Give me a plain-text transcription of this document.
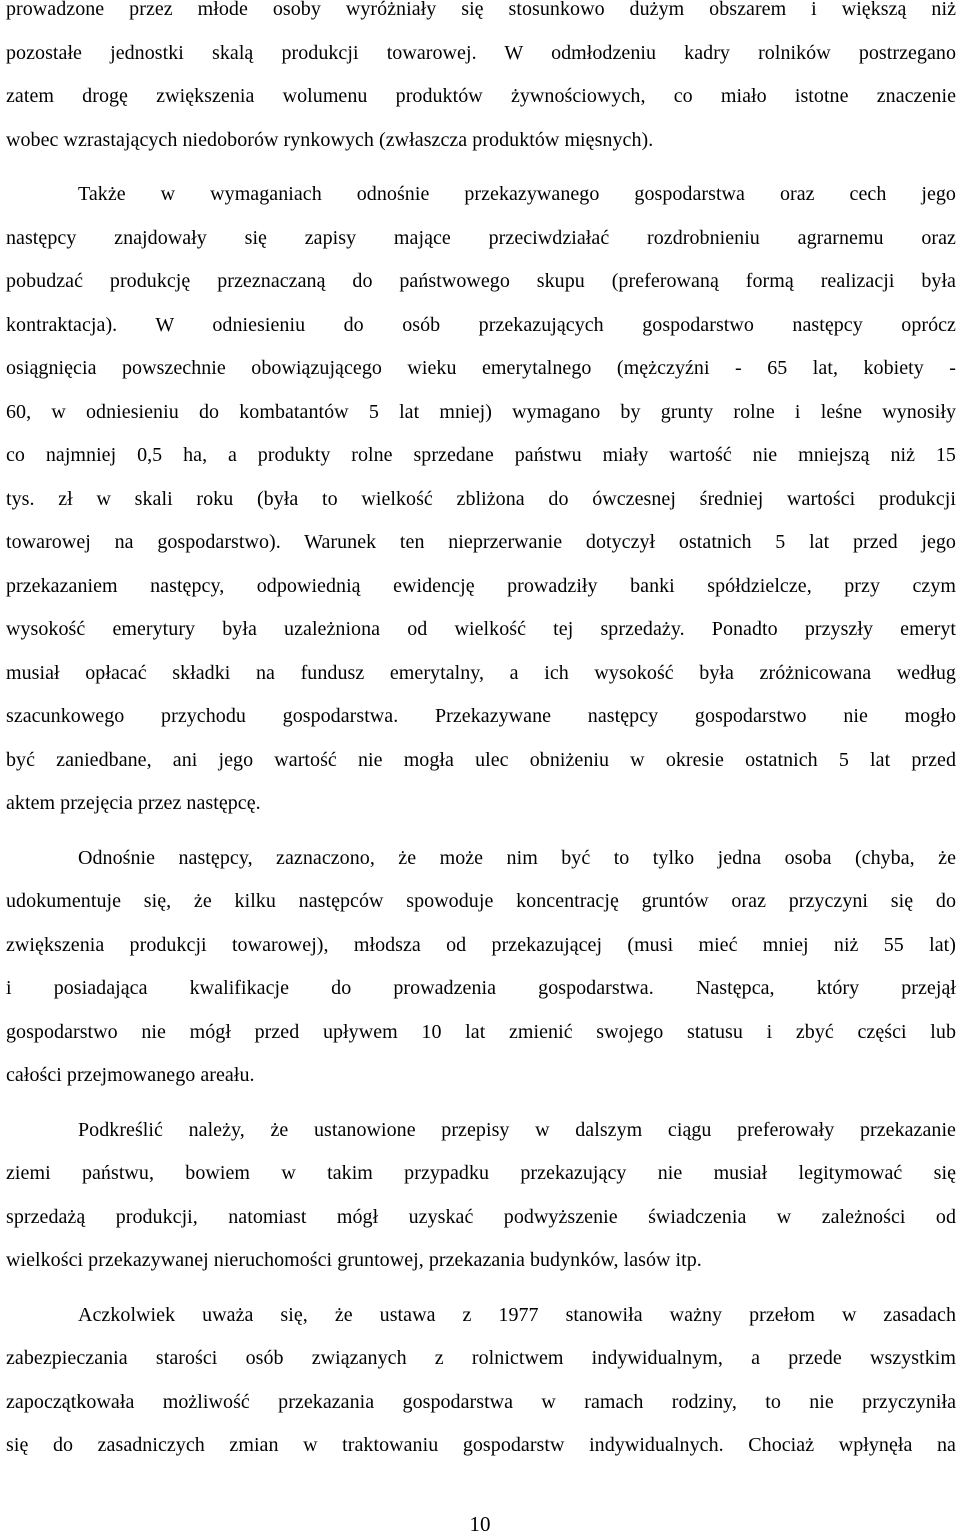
prowadzone przez młode osoby wyróżniały się stosunkowo dużym obszarem i większą niż
pozostałe jednostki skalą produkcji towarowej. W odmłodzeniu kadry rolników postrzegano
zatem drogę zwiększenia wolumenu produktów żywnościowych, co miało istotne znaczenie
wobec wzrastających niedoborów rynkowych (zwłaszcza produktów mięsnych).

Także w wymaganiach odnośnie przekazywanego gospodarstwa oraz cech jego
następcy znajdowały się zapisy mające przeciwdziałać rozdrobnieniu agrarnemu oraz
pobudzać produkcję przeznaczaną do państwowego skupu (preferowaną formą realizacji była
kontraktacja). W odniesieniu do osób przekazujących gospodarstwo następcy oprócz
osiągnięcia powszechnie obowiązującego wieku emerytalnego (mężczyźni - 65 lat, kobiety -
60, w odniesieniu do kombatantów 5 lat mniej) wymagano by grunty rolne i leśne wynosiły
co najmniej 0,5 ha, a produkty rolne sprzedane państwu miały wartość nie mniejszą niż 15
tys. zł w skali roku (była to wielkość zbliżona do ówczesnej średniej wartości produkcji
towarowej na gospodarstwo). Warunek ten nieprzerwanie dotyczył ostatnich 5 lat przed jego
przekazaniem następcy, odpowiednią ewidencję prowadziły banki spółdzielcze, przy czym
wysokość emerytury była uzależniona od wielkość tej sprzedaży. Ponadto przyszły emeryt
musiał opłacać składki na fundusz emerytalny, a ich wysokość była zróżnicowana według
szacunkowego przychodu gospodarstwa. Przekazywane następcy gospodarstwo nie mogło
być zaniedbane, ani jego wartość nie mogła ulec obniżeniu w okresie ostatnich 5 lat przed
aktem przejęcia przez następcę.

Odnośnie następcy, zaznaczono, że może nim być to tylko jedna osoba (chyba, że
udokumentuje się, że kilku następców spowoduje koncentrację gruntów oraz przyczyni się do
zwiększenia produkcji towarowej), młodsza od przekazującej (musi mieć mniej niż 55 lat)
i posiadająca kwalifikacje do prowadzenia gospodarstwa. Następca, który przejął
gospodarstwo nie mógł przed upływem 10 lat zmienić swojego statusu i zbyć części lub
całości przejmowanego areału.

Podkreślić należy, że ustanowione przepisy w dalszym ciągu preferowały przekazanie
ziemi państwu, bowiem w takim przypadku przekazujący nie musiał legitymować się
sprzedażą produkcji, natomiast mógł uzyskać podwyższenie świadczenia w zależności od
wielkości przekazywanej nieruchomości gruntowej, przekazania budynków, lasów itp.

Aczkolwiek uważa się, że ustawa z 1977 stanowiła ważny przełom w zasadach
zabezpieczania starości osób związanych z rolnictwem indywidualnym, a przede wszystkim
zapoczątkowała możliwość przekazania gospodarstwa w ramach rodziny, to nie przyczyniła
się do zasadniczych zmian w traktowaniu gospodarstw indywidualnych. Chociaż wpłynęła na

10
